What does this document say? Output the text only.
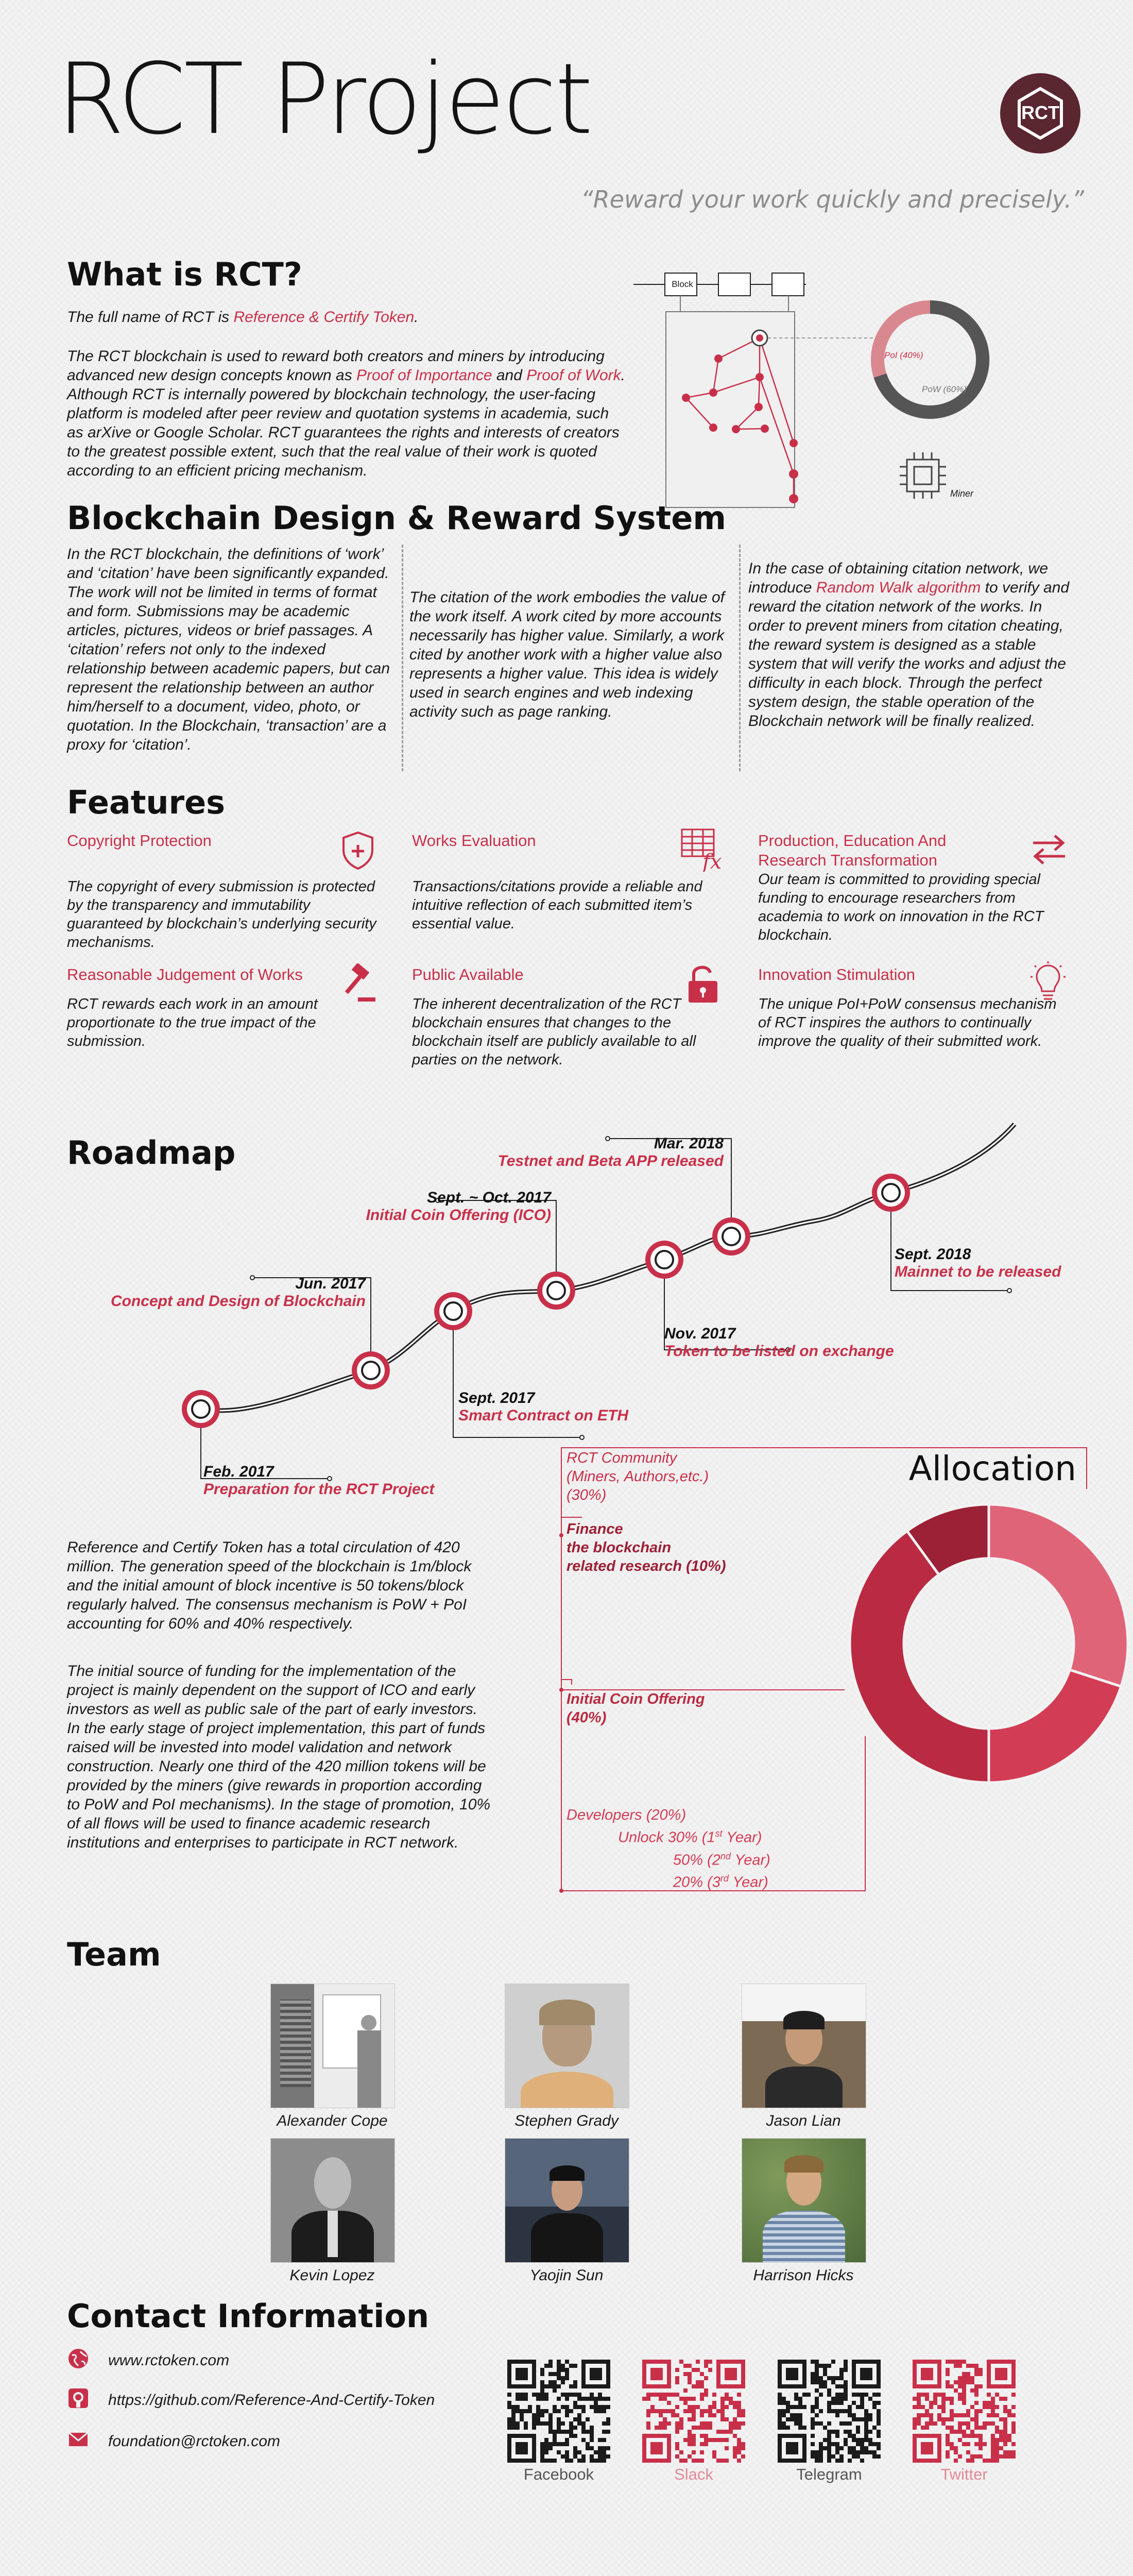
RCT Project	RCT
“Reward your work quickly and precisely.”
What is RCT?
The full name of RCT is Reference & Certify Token.
The RCT blockchain is used to reward both creators and miners by introducing advanced new design concepts known as Proof of Importance and Proof of Work. Although RCT is internally powered by blockchain technology, the user-facing platform is modeled after peer review and quotation systems in academia, such as arXive or Google Scholar. RCT guarantees the rights and interests of creators to the greatest possible extent, such that the real value of their work is quoted according to an efficient pricing mechanism.
Block
PoI (40%)
PoW (60%)
Miner
Blockchain Design & Reward System
In the RCT blockchain, the definitions of ‘work’ and ‘citation’ have been significantly expanded. The work will not be limited in terms of format and form. Submissions may be academic articles, pictures, videos or brief passages. A ‘citation’ refers not only to the indexed relationship between academic papers, but can represent the relationship between an author him/herself to a document, video, photo, or quotation. In the Blockchain, ‘transaction’ are a proxy for ‘citation’.
The citation of the work embodies the value of the work itself. A work cited by more accounts necessarily has higher value. Similarly, a work cited by another work with a higher value also represents a higher value. This idea is widely used in search engines and web indexing activity such as page ranking.
In the case of obtaining citation network, we introduce Random Walk algorithm to verify and reward the citation network of the works. In order to prevent miners from citation cheating, the reward system is designed as a stable system that will verify the works and adjust the difficulty in each block. Through the perfect system design, the stable operation of the Blockchain network will be finally realized.
Features
Copyright Protection
The copyright of every submission is protected by the transparency and immutability guaranteed by blockchain’s underlying security mechanisms.
Works Evaluation
Transactions/citations provide a reliable and intuitive reflection of each submitted item’s essential value.
fx
Production, Education And Research Transformation
Our team is committed to providing special funding to encourage researchers from academia to work on innovation in the RCT blockchain.
Reasonable Judgement of Works
RCT rewards each work in an amount proportionate to the true impact of the submission.
Public Available
The inherent decentralization of the RCT blockchain ensures that changes to the blockchain itself are publicly available to all parties on the network.
Innovation Stimulation
The unique PoI+PoW consensus mechanism of RCT inspires the authors to continually improve the quality of their submitted work.
Roadmap
Feb. 2017
Preparation for the RCT Project
Jun. 2017
Concept and Design of Blockchain
Sept. 2017
Smart Contract on ETH
Sept. ~ Oct. 2017
Initial Coin Offering (ICO)
Nov. 2017
Token to be listed on exchange
Mar. 2018
Testnet and Beta APP released
Sept. 2018
Mainnet to be released
Allocation
Reference and Certify Token has a total circulation of 420 million. The generation speed of the blockchain is 1m/block and the initial amount of block incentive is 50 tokens/block regularly halved. The consensus mechanism is PoW + PoI accounting for 60% and 40% respectively.
The initial source of funding for the implementation of the project is mainly dependent on the support of ICO and early investors as well as public sale of the part of early investors. In the early stage of project implementation, this part of funds raised will be invested into model validation and network construction. Nearly one third of the 420 million tokens will be provided by the miners (give rewards in proportion according to PoW and PoI mechanisms). In the stage of promotion, 10% of all flows will be used to finance academic research institutions and enterprises to participate in RCT network.
RCT Community
(Miners, Authors,etc.)
(30%)
Finance
the blockchain
related research (10%)
Initial Coin Offering
(40%)
Developers (20%)
Unlock 30% (1st Year)
50% (2nd Year)
20% (3rd Year)
Team
Alexander Cope	Stephen Grady	Jason Lian
Kevin Lopez	Yaojin Sun	Harrison Hicks
Contact Information
www.rctoken.com
https://github.com/Reference-And-Certify-Token
foundation@rctoken.com
Facebook	Slack	Telegram	Twitter
